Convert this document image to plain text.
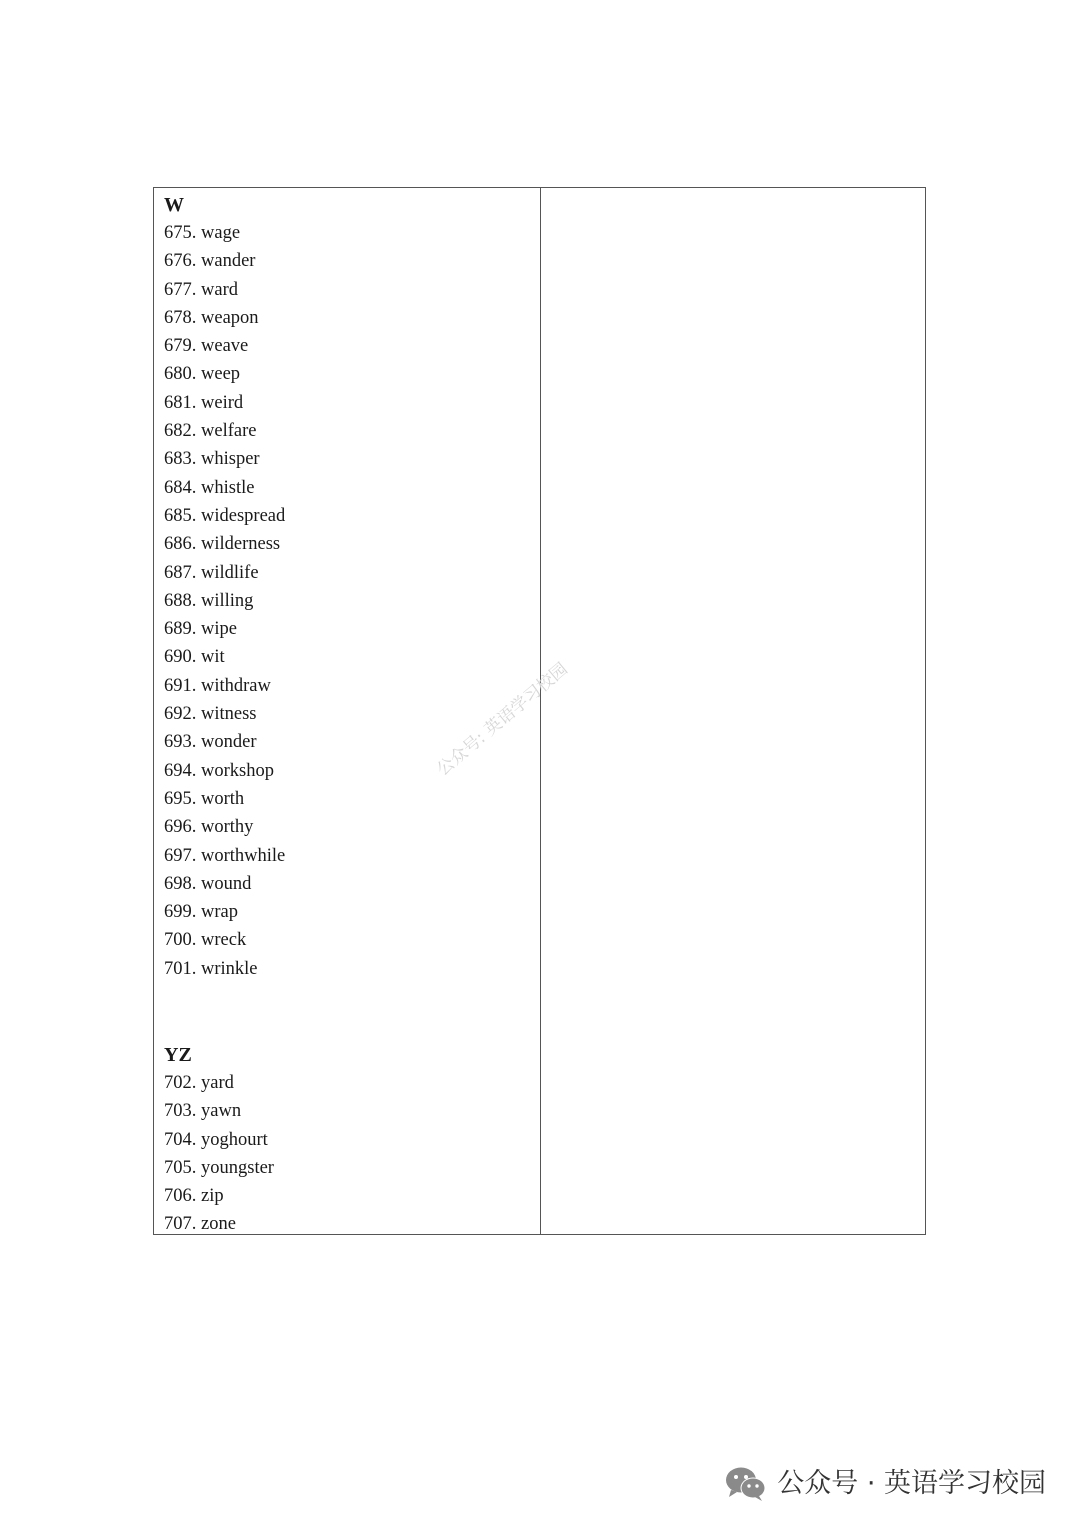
W
675. wage
676. wander
677. ward
678. weapon
679. weave
680. weep
681. weird
682. welfare
683. whisper
684. whistle
685. widespread
686. wilderness
687. wildlife
688. willing
689. wipe
690. wit
691. withdraw
692. witness
693. wonder
694. workshop
695. worth
696. worthy
697. worthwhile
698. wound
699. wrap
700. wreck
701. wrinkle
YZ
702. yard
703. yawn
704. yoghourt
705. youngster
706. zip
707. zone
公众号: 英语学习校园
公众号 · 英语学习校园
